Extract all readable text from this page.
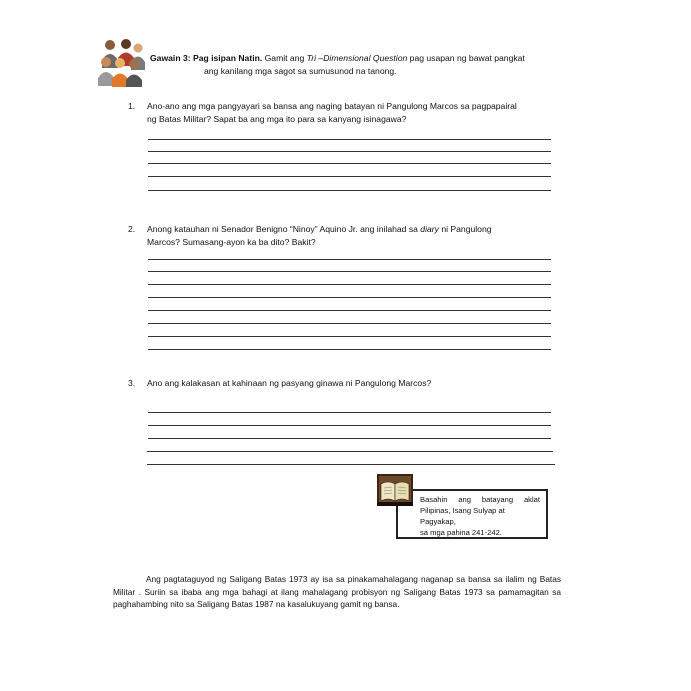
Gawain 3: Pag isipan Natin. Gamit ang Tri –Dimensional Question pag usapan ng bawat pangkat
ang kanilang mga sagot sa sumusunod na tanong.
1. Ano-ano ang mga pangyayari sa bansa ang naging batayan ni Pangulong Marcos sa pagpapairal
ng Batas Militar? Sapat ba ang mga ito para sa kanyang isinagawa?
2. Anong katauhan ni Senador Benigno “Ninoy” Aquino Jr. ang inilahad sa diary ni Pangulong
Marcos? Sumasang-ayon ka ba dito? Bakit?
3. Ano ang kalakasan at kahinaan ng pasyang ginawa ni Pangulong Marcos?
Basahin ang batayang aklat
Pilipinas, Isang Sulyap at Pagyakap,
sa mga pahina 241-242.
Ang pagtataguyod ng Saligang Batas 1973 ay isa sa pinakamahalagang naganap sa bansa sa ilalim ng Batas Militar . Suriin sa ibaba ang mga bahagi at ilang mahalagang probisyon ng Saligang Batas 1973 sa pamamagitan sa paghahambing nito sa Saligang Batas 1987 na kasalukuyang gamit ng bansa.
